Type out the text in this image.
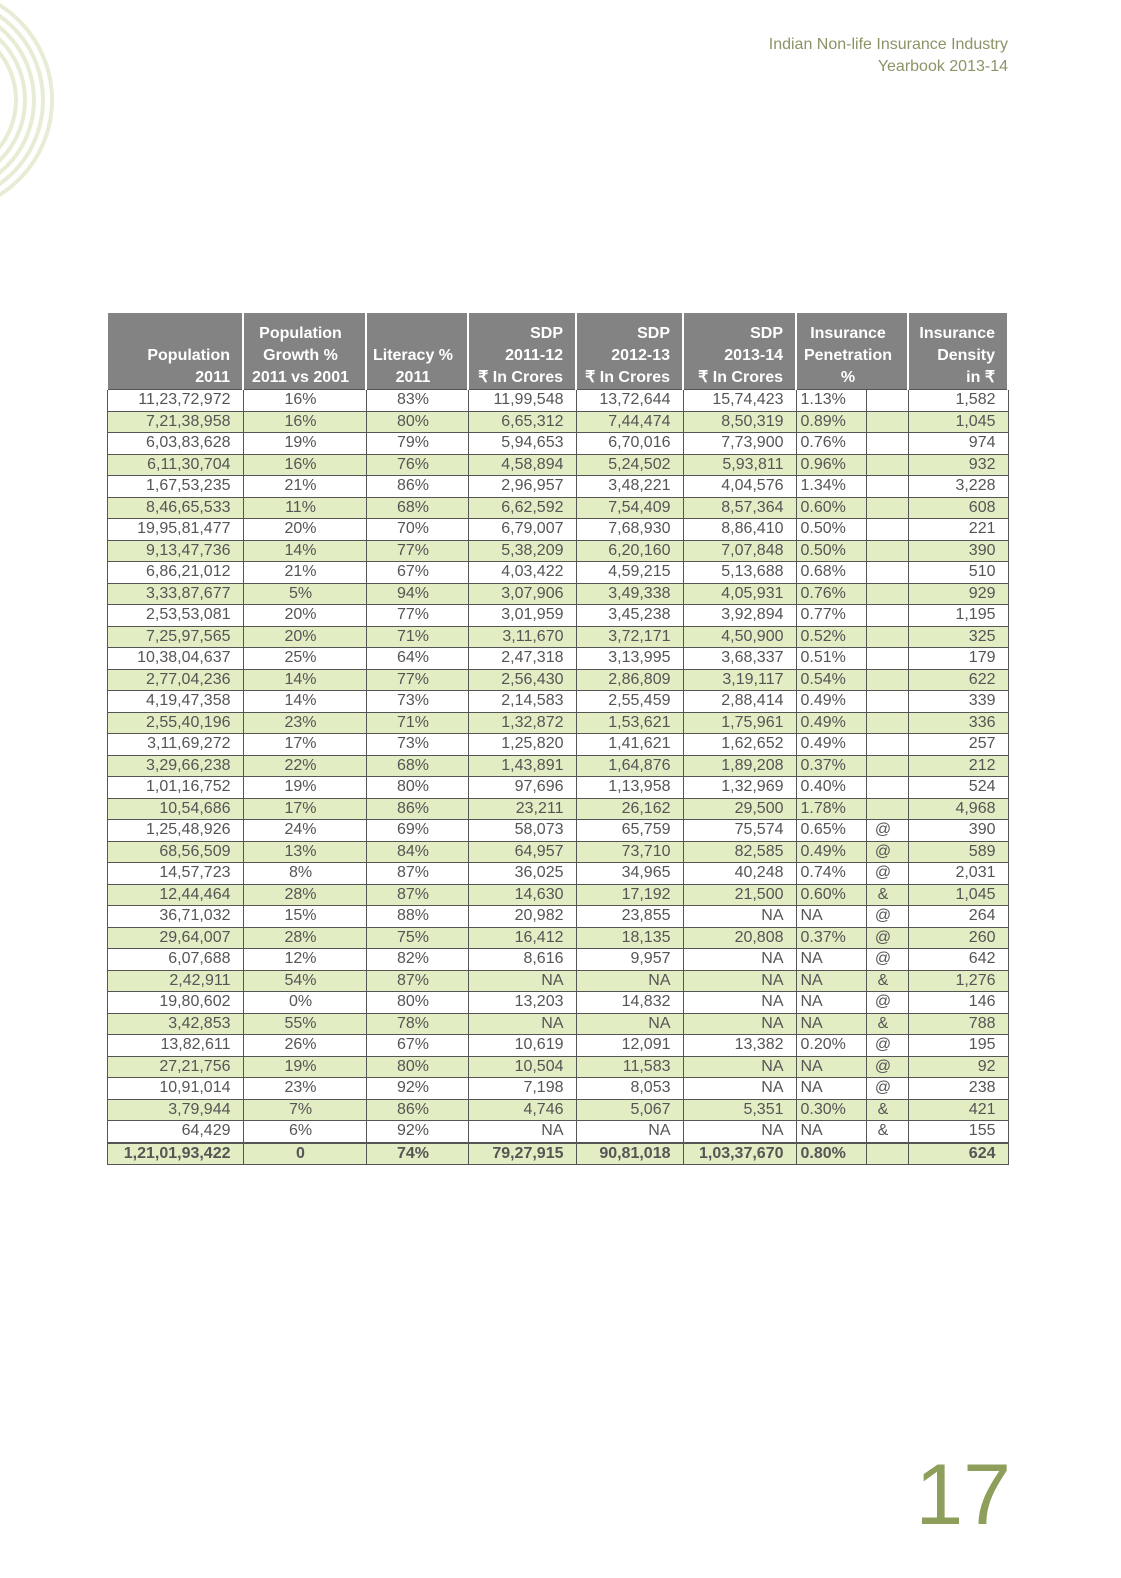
Indian Non-life Insurance Industry
Yearbook 2013-14

Population
2011	Population
Growth %
2011 vs 2001	Literacy %
2011	SDP
2011-12
₹ In Crores	SDP
2012-13
₹ In Crores	SDP
2013-14
₹ In Crores	Insurance
Penetration
%		Insurance
Density
in ₹

11,23,72,972	16%	83%	11,99,548	13,72,644	15,74,423	1.13%		1,582
7,21,38,958	16%	80%	6,65,312	7,44,474	8,50,319	0.89%		1,045
6,03,83,628	19%	79%	5,94,653	6,70,016	7,73,900	0.76%		974
6,11,30,704	16%	76%	4,58,894	5,24,502	5,93,811	0.96%		932
1,67,53,235	21%	86%	2,96,957	3,48,221	4,04,576	1.34%		3,228
8,46,65,533	11%	68%	6,62,592	7,54,409	8,57,364	0.60%		608
19,95,81,477	20%	70%	6,79,007	7,68,930	8,86,410	0.50%		221
9,13,47,736	14%	77%	5,38,209	6,20,160	7,07,848	0.50%		390
6,86,21,012	21%	67%	4,03,422	4,59,215	5,13,688	0.68%		510
3,33,87,677	5%	94%	3,07,906	3,49,338	4,05,931	0.76%		929
2,53,53,081	20%	77%	3,01,959	3,45,238	3,92,894	0.77%		1,195
7,25,97,565	20%	71%	3,11,670	3,72,171	4,50,900	0.52%		325
10,38,04,637	25%	64%	2,47,318	3,13,995	3,68,337	0.51%		179
2,77,04,236	14%	77%	2,56,430	2,86,809	3,19,117	0.54%		622
4,19,47,358	14%	73%	2,14,583	2,55,459	2,88,414	0.49%		339
2,55,40,196	23%	71%	1,32,872	1,53,621	1,75,961	0.49%		336
3,11,69,272	17%	73%	1,25,820	1,41,621	1,62,652	0.49%		257
3,29,66,238	22%	68%	1,43,891	1,64,876	1,89,208	0.37%		212
1,01,16,752	19%	80%	97,696	1,13,958	1,32,969	0.40%		524
10,54,686	17%	86%	23,211	26,162	29,500	1.78%		4,968
1,25,48,926	24%	69%	58,073	65,759	75,574	0.65%	@	390
68,56,509	13%	84%	64,957	73,710	82,585	0.49%	@	589
14,57,723	8%	87%	36,025	34,965	40,248	0.74%	@	2,031
12,44,464	28%	87%	14,630	17,192	21,500	0.60%	&	1,045
36,71,032	15%	88%	20,982	23,855	NA	NA	@	264
29,64,007	28%	75%	16,412	18,135	20,808	0.37%	@	260
6,07,688	12%	82%	8,616	9,957	NA	NA	@	642
2,42,911	54%	87%	NA	NA	NA	NA	&	1,276
19,80,602	0%	80%	13,203	14,832	NA	NA	@	146
3,42,853	55%	78%	NA	NA	NA	NA	&	788
13,82,611	26%	67%	10,619	12,091	13,382	0.20%	@	195
27,21,756	19%	80%	10,504	11,583	NA	NA	@	92
10,91,014	23%	92%	7,198	8,053	NA	NA	@	238
3,79,944	7%	86%	4,746	5,067	5,351	0.30%	&	421
64,429	6%	92%	NA	NA	NA	NA	&	155
1,21,01,93,422	0	74%	79,27,915	90,81,018	1,03,37,670	0.80%		624
17
